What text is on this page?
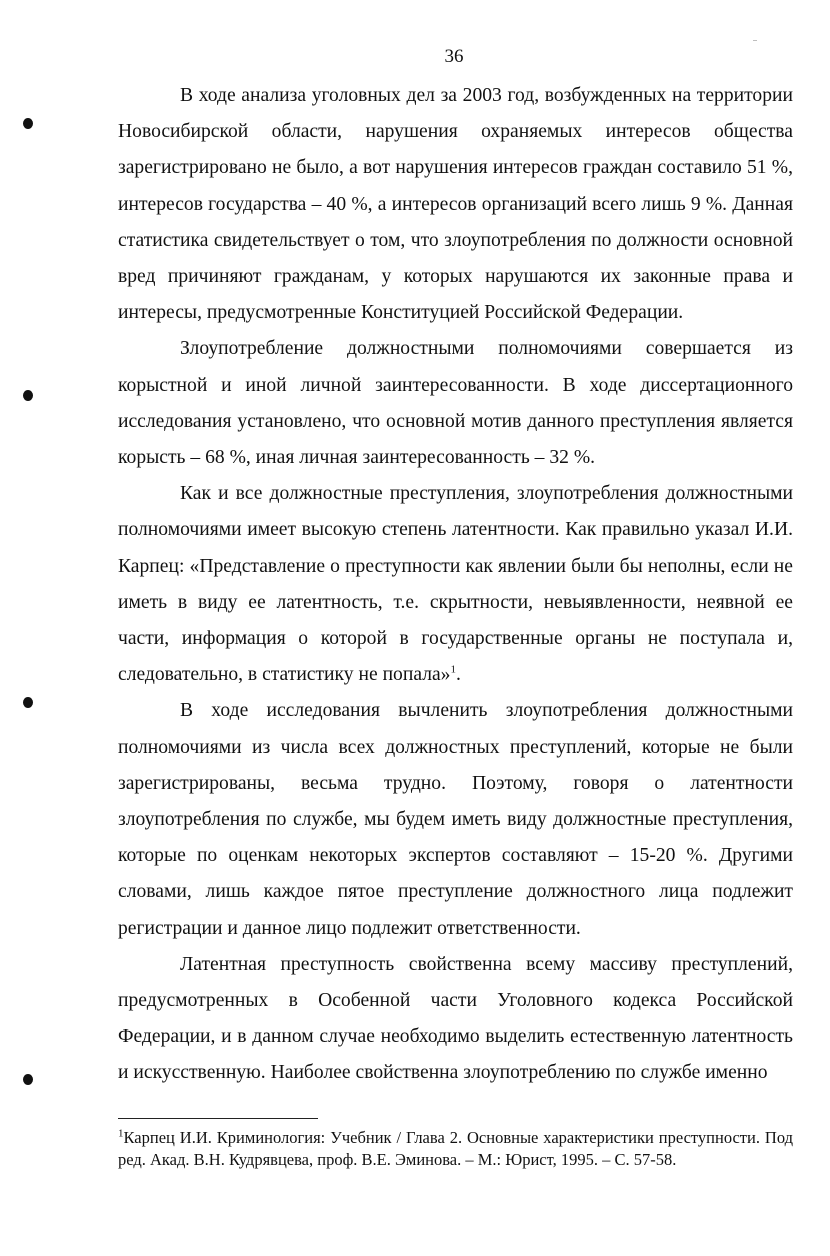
..
36

В ходе анализа уголовных дел за 2003 год, возбужденных на территории Новосибирской области, нарушения охраняемых интересов общества зарегистрировано не было, а вот нарушения интересов граждан составило 51 %, интересов государства – 40 %, а интересов организаций всего лишь 9 %. Данная статистика свидетельствует о том, что злоупотребления по должности основной вред причиняют гражданам, у которых нарушаются их законные права и интересы, предусмотренные Конституцией Российской Федерации.

Злоупотребление должностными полномочиями совершается из корыстной и иной личной заинтересованности. В ходе диссертационного исследования установлено, что основной мотив данного преступления является корысть – 68 %, иная личная заинтересованность – 32 %.

Как и все должностные преступления, злоупотребления должностными полномочиями имеет высокую степень латентности. Как правильно указал И.И. Карпец: «Представление о преступности как явлении были бы неполны, если не иметь в виду ее латентность, т.е. скрытности, невыявленности, неявной ее части, информация о которой в государственные органы не поступала и, следовательно, в статистику не попала»$^1$.

В ходе исследования вычленить злоупотребления должностными полномочиями из числа всех должностных преступлений, которые не были зарегистрированы, весьма трудно. Поэтому, говоря о латентности злоупотребления по службе, мы будем иметь виду должностные преступления, которые по оценкам некоторых экспертов составляют – 15-20 %. Другими словами, лишь каждое пятое преступление должностного лица подлежит регистрации и данное лицо подлежит ответственности.

Латентная преступность свойственна всему массиву преступлений, предусмотренных в Особенной части Уголовного кодекса Российской Федерации, и в данном случае необходимо выделить естественную латентность и искусственную. Наиболее свойственна злоупотреблению по службе именно

$^1$Карпец И.И. Криминология: Учебник / Глава 2. Основные характеристики преступности. Под ред. Акад. В.Н. Кудрявцева, проф. В.Е. Эминова. – М.: Юрист, 1995. – С. 57-58.
